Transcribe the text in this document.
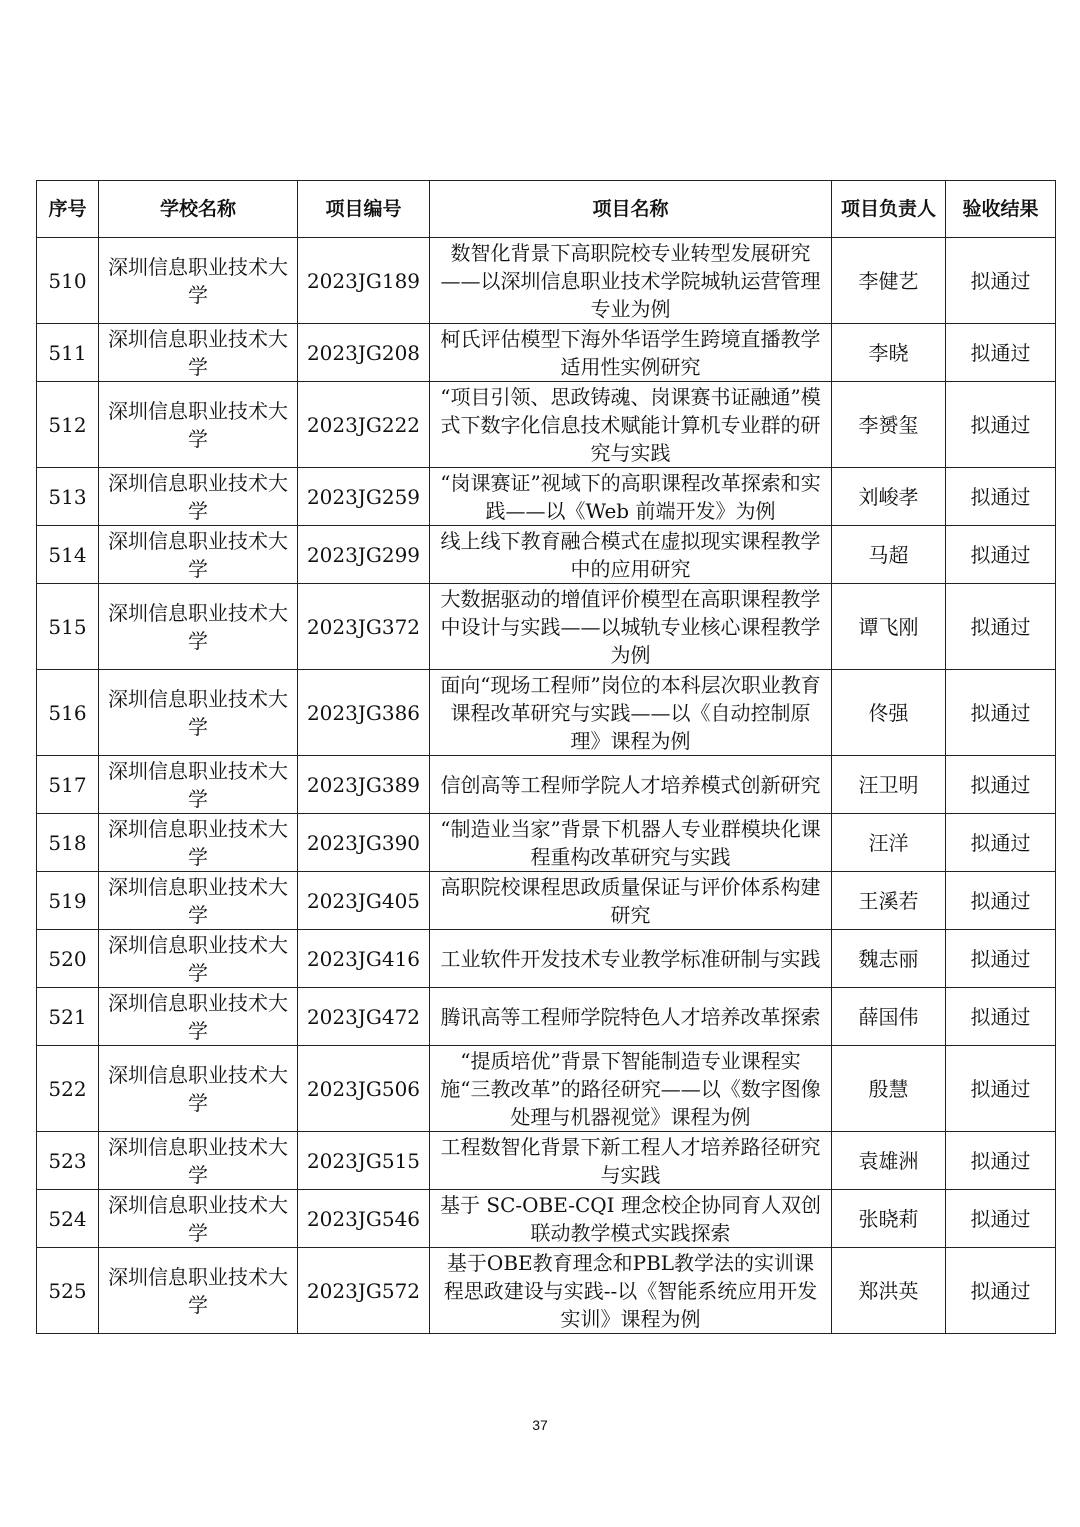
序号	学校名称	项目编号	项目名称	项目负责人	验收结果
510	深圳信息职业技术大学	2023JG189	数智化背景下高职院校专业转型发展研究——以深圳信息职业技术学院城轨运营管理专业为例	李健艺	拟通过
511	深圳信息职业技术大学	2023JG208	柯氏评估模型下海外华语学生跨境直播教学适用性实例研究	李晓	拟通过
512	深圳信息职业技术大学	2023JG222	“项目引领、思政铸魂、岗课赛书证融通”模式下数字化信息技术赋能计算机专业群的研究与实践	李赟玺	拟通过
513	深圳信息职业技术大学	2023JG259	“岗课赛证”视域下的高职课程改革探索和实践——以《Web 前端开发》为例	刘峻孝	拟通过
514	深圳信息职业技术大学	2023JG299	线上线下教育融合模式在虚拟现实课程教学中的应用研究	马超	拟通过
515	深圳信息职业技术大学	2023JG372	大数据驱动的增值评价模型在高职课程教学中设计与实践——以城轨专业核心课程教学为例	谭飞刚	拟通过
516	深圳信息职业技术大学	2023JG386	面向“现场工程师”岗位的本科层次职业教育课程改革研究与实践——以《自动控制原理》课程为例	佟强	拟通过
517	深圳信息职业技术大学	2023JG389	信创高等工程师学院人才培养模式创新研究	汪卫明	拟通过
518	深圳信息职业技术大学	2023JG390	“制造业当家”背景下机器人专业群模块化课程重构改革研究与实践	汪洋	拟通过
519	深圳信息职业技术大学	2023JG405	高职院校课程思政质量保证与评价体系构建研究	王溪若	拟通过
520	深圳信息职业技术大学	2023JG416	工业软件开发技术专业教学标准研制与实践	魏志丽	拟通过
521	深圳信息职业技术大学	2023JG472	腾讯高等工程师学院特色人才培养改革探索	薛国伟	拟通过
522	深圳信息职业技术大学	2023JG506	“提质培优”背景下智能制造专业课程实施“三教改革”的路径研究——以《数字图像处理与机器视觉》课程为例	殷慧	拟通过
523	深圳信息职业技术大学	2023JG515	工程数智化背景下新工程人才培养路径研究与实践	袁雄洲	拟通过
524	深圳信息职业技术大学	2023JG546	基于 SC-OBE-CQI 理念校企协同育人双创联动教学模式实践探索	张晓莉	拟通过
525	深圳信息职业技术大学	2023JG572	基于OBE教育理念和PBL教学法的实训课程思政建设与实践--以《智能系统应用开发实训》课程为例	郑洪英	拟通过
37
